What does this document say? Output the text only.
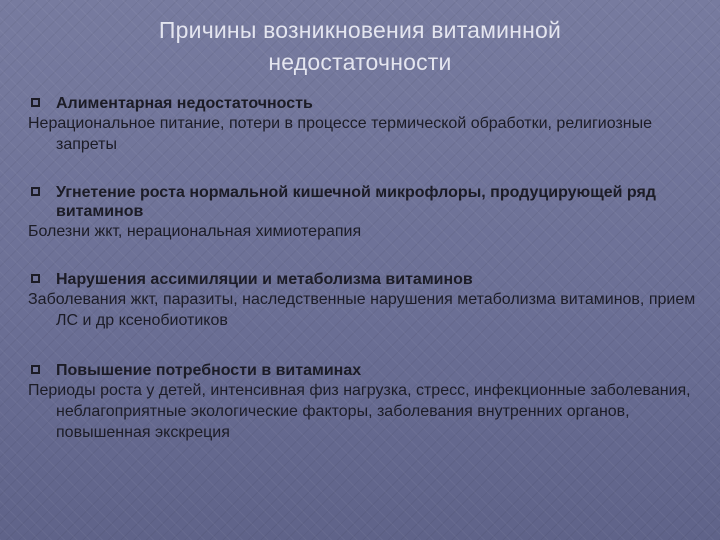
Причины возникновения витаминной недостаточности
Алиментарная недостаточность
Нерациональное питание, потери в процессе термической обработки, религиозные запреты
Угнетение роста нормальной кишечной микрофлоры, продуцирующей ряд витаминов
Болезни жкт, нерациональная химиотерапия
Нарушения ассимиляции и метаболизма витаминов
Заболевания жкт, паразиты, наследственные нарушения метаболизма витаминов, прием ЛС и др ксенобиотиков
Повышение потребности в витаминах
Периоды роста у детей, интенсивная физ нагрузка, стресс, инфекционные заболевания, неблагоприятные экологические факторы, заболевания внутренних органов, повышенная экскреция
